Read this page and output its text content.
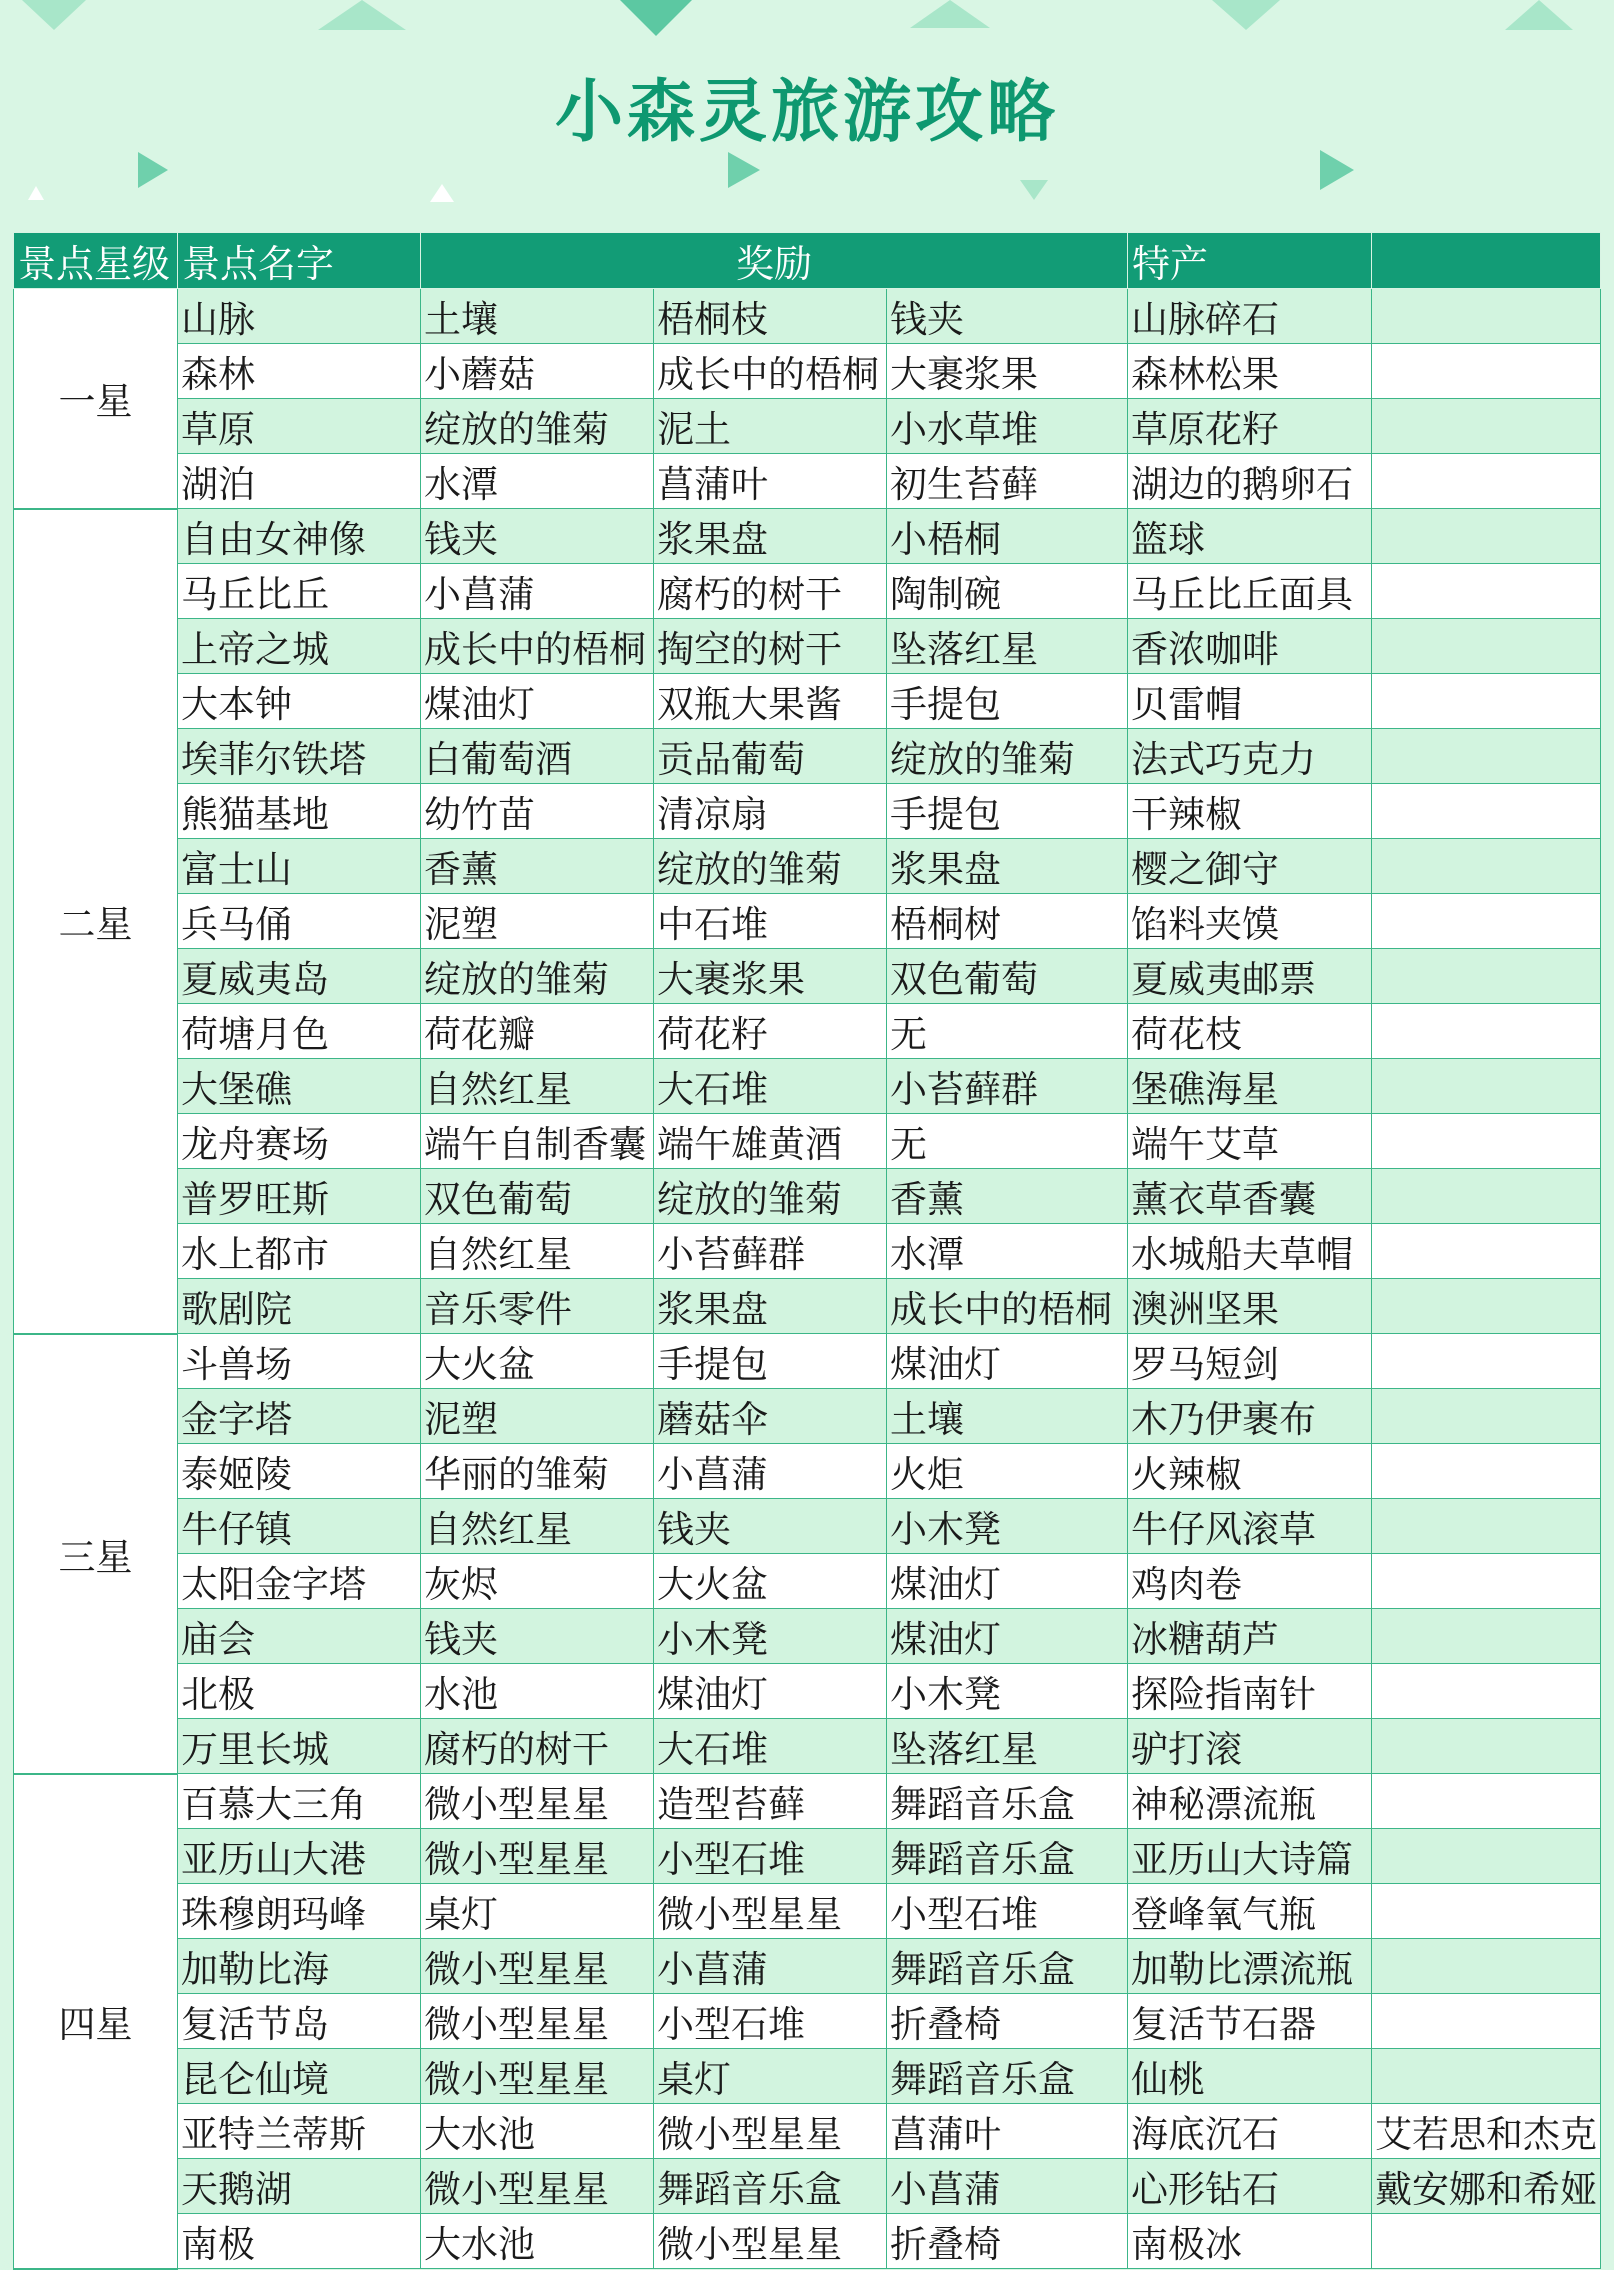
小森灵旅游攻略
景点星级	景点名字	奖励			特产	
一星	山脉	土壤	梧桐枝	钱夹	山脉碎石	
	森林	小蘑菇	成长中的梧桐	大裹浆果	森林松果	
	草原	绽放的雏菊	泥土	小水草堆	草原花籽	
	湖泊	水潭	菖蒲叶	初生苔藓	湖边的鹅卵石	
二星	自由女神像	钱夹	浆果盘	小梧桐	篮球	
	马丘比丘	小菖蒲	腐朽的树干	陶制碗	马丘比丘面具	
	上帝之城	成长中的梧桐	掏空的树干	坠落红星	香浓咖啡	
	大本钟	煤油灯	双瓶大果酱	手提包	贝雷帽	
	埃菲尔铁塔	白葡萄酒	贡品葡萄	绽放的雏菊	法式巧克力	
	熊猫基地	幼竹苗	清凉扇	手提包	干辣椒	
	富士山	香薰	绽放的雏菊	浆果盘	樱之御守	
	兵马俑	泥塑	中石堆	梧桐树	馅料夹馍	
	夏威夷岛	绽放的雏菊	大裹浆果	双色葡萄	夏威夷邮票	
	荷塘月色	荷花瓣	荷花籽	无	荷花枝	
	大堡礁	自然红星	大石堆	小苔藓群	堡礁海星	
	龙舟赛场	端午自制香囊	端午雄黄酒	无	端午艾草	
	普罗旺斯	双色葡萄	绽放的雏菊	香薰	薰衣草香囊	
	水上都市	自然红星	小苔藓群	水潭	水城船夫草帽	
	歌剧院	音乐零件	浆果盘	成长中的梧桐	澳洲坚果	
三星	斗兽场	大火盆	手提包	煤油灯	罗马短剑	
	金字塔	泥塑	蘑菇伞	土壤	木乃伊裹布	
	泰姬陵	华丽的雏菊	小菖蒲	火炬	火辣椒	
	牛仔镇	自然红星	钱夹	小木凳	牛仔风滚草	
	太阳金字塔	灰烬	大火盆	煤油灯	鸡肉卷	
	庙会	钱夹	小木凳	煤油灯	冰糖葫芦	
	北极	水池	煤油灯	小木凳	探险指南针	
	万里长城	腐朽的树干	大石堆	坠落红星	驴打滚	
四星	百慕大三角	微小型星星	造型苔藓	舞蹈音乐盒	神秘漂流瓶	
	亚历山大港	微小型星星	小型石堆	舞蹈音乐盒	亚历山大诗篇	
	珠穆朗玛峰	桌灯	微小型星星	小型石堆	登峰氧气瓶	
	加勒比海	微小型星星	小菖蒲	舞蹈音乐盒	加勒比漂流瓶	
	复活节岛	微小型星星	小型石堆	折叠椅	复活节石器	
	昆仑仙境	微小型星星	桌灯	舞蹈音乐盒	仙桃	
	亚特兰蒂斯	大水池	微小型星星	菖蒲叶	海底沉石	艾若思和杰克
	天鹅湖	微小型星星	舞蹈音乐盒	小菖蒲	心形钻石	戴安娜和希娅
	南极	大水池	微小型星星	折叠椅	南极冰	
